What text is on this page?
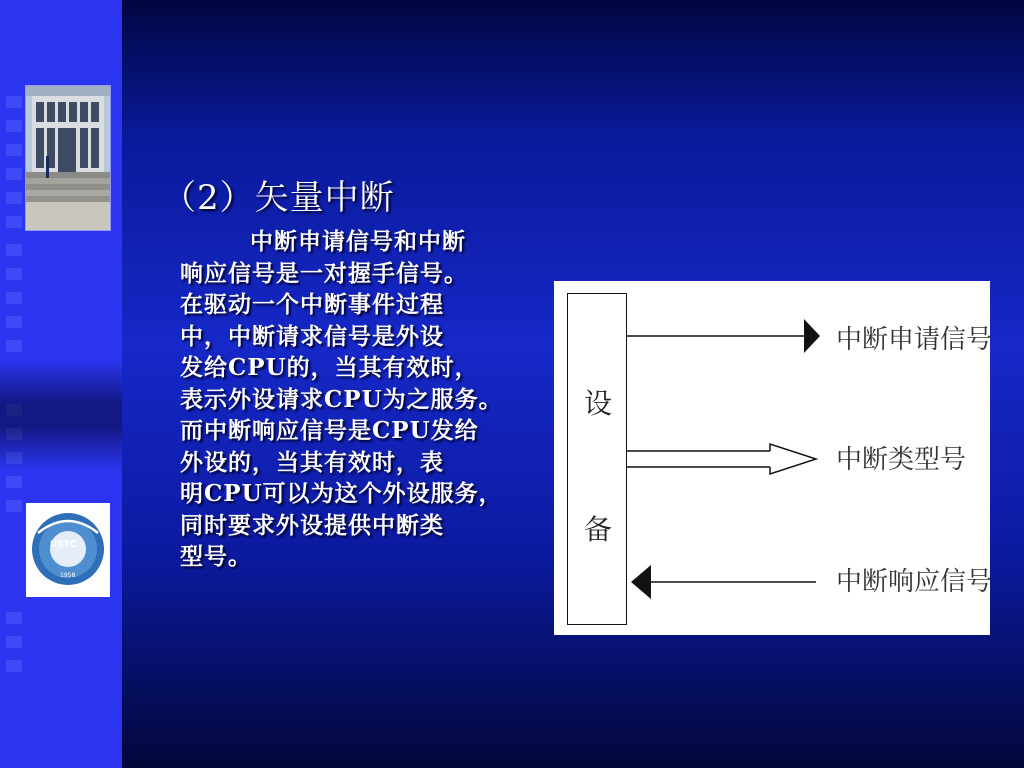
USTC
1958
（2）矢量中断
中断申请信号和中断
响应信号是一对握手信号。
在驱动一个中断事件过程
中，中断请求信号是外设
发给CPU的，当其有效时，
表示外设请求CPU为之服务。
而中断响应信号是CPU发给
外设的，当其有效时，表
明CPU可以为这个外设服务，
同时要求外设提供中断类
型号。
设
备
中断申请信号
中断类型号
中断响应信号
